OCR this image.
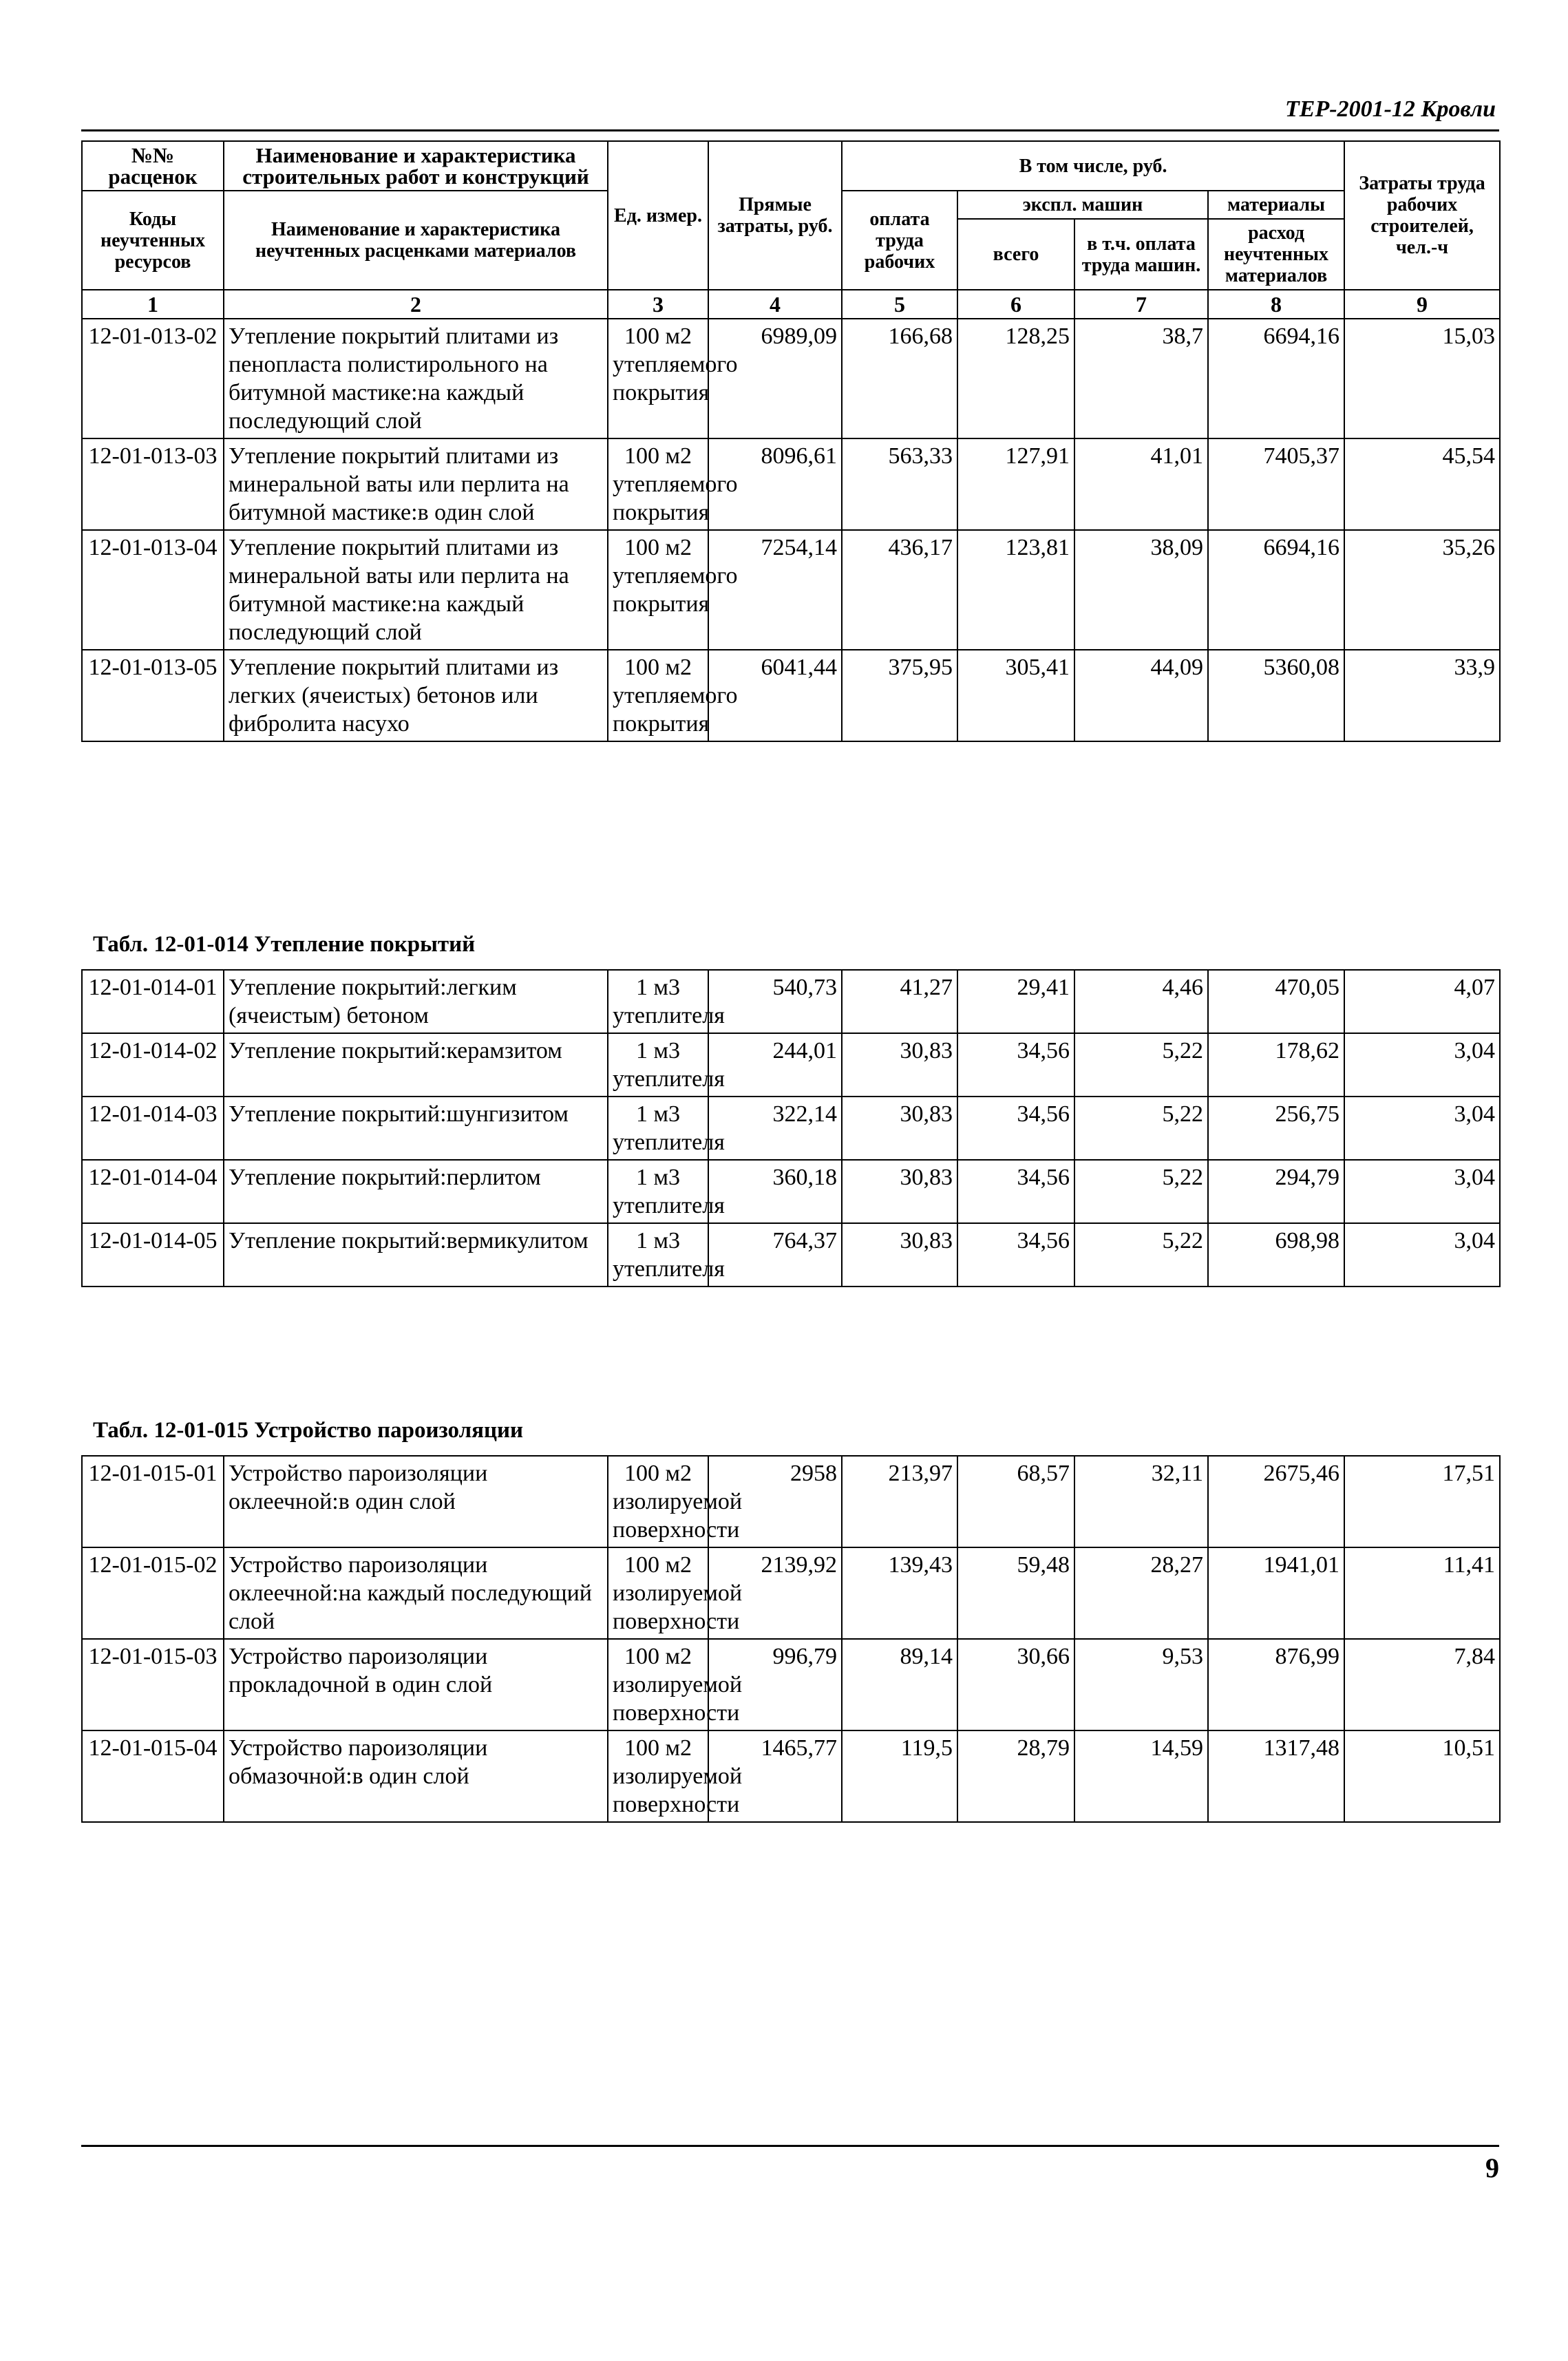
ТЕР-2001-12 Кровли
№№ расценок	Наименование и характеристика строительных работ и конструкций	Ед. измер.	Прямые затраты, руб.	В том числе, руб.				Затраты труда рабочих строителей, чел.-ч
Коды неучтенных ресурсов	Наименование и характеристика неучтенных расценками материалов			оплата труда рабочих	экспл. машин		материалы	
					всего	в т.ч. оплата труда машин.	расход неучтенных материалов	
1	2	3	4	5	6	7	8	9
12-01-013-02	Утепление покрытий плитами из пенопласта полистирольного на битумной мастике:на каждый последующий слой	100 м2 утепляемого покрытия	6989,09	166,68	128,25	38,7	6694,16	15,03
12-01-013-03	Утепление покрытий плитами из минеральной ваты или перлита на битумной мастике:в один слой	100 м2 утепляемого покрытия	8096,61	563,33	127,91	41,01	7405,37	45,54
12-01-013-04	Утепление покрытий плитами из минеральной ваты или перлита на битумной мастике:на каждый последующий слой	100 м2 утепляемого покрытия	7254,14	436,17	123,81	38,09	6694,16	35,26
12-01-013-05	Утепление покрытий плитами из легких (ячеистых) бетонов или фибролита насухо	100 м2 утепляемого покрытия	6041,44	375,95	305,41	44,09	5360,08	33,9
Табл. 12-01-014 Утепление покрытий
12-01-014-01	Утепление покрытий:легким (ячеистым) бетоном	1 м3 утеплителя	540,73	41,27	29,41	4,46	470,05	4,07
12-01-014-02	Утепление покрытий:керамзитом	1 м3 утеплителя	244,01	30,83	34,56	5,22	178,62	3,04
12-01-014-03	Утепление покрытий:шунгизитом	1 м3 утеплителя	322,14	30,83	34,56	5,22	256,75	3,04
12-01-014-04	Утепление покрытий:перлитом	1 м3 утеплителя	360,18	30,83	34,56	5,22	294,79	3,04
12-01-014-05	Утепление покрытий:вермикулитом	1 м3 утеплителя	764,37	30,83	34,56	5,22	698,98	3,04
Табл. 12-01-015 Устройство пароизоляции
12-01-015-01	Устройство пароизоляции оклеечной:в один слой	100 м2 изолируемой поверхности	2958	213,97	68,57	32,11	2675,46	17,51
12-01-015-02	Устройство пароизоляции оклеечной:на каждый последующий слой	100 м2 изолируемой поверхности	2139,92	139,43	59,48	28,27	1941,01	11,41
12-01-015-03	Устройство пароизоляции прокладочной в один слой	100 м2 изолируемой поверхности	996,79	89,14	30,66	9,53	876,99	7,84
12-01-015-04	Устройство пароизоляции обмазочной:в один слой	100 м2 изолируемой поверхности	1465,77	119,5	28,79	14,59	1317,48	10,51
9
